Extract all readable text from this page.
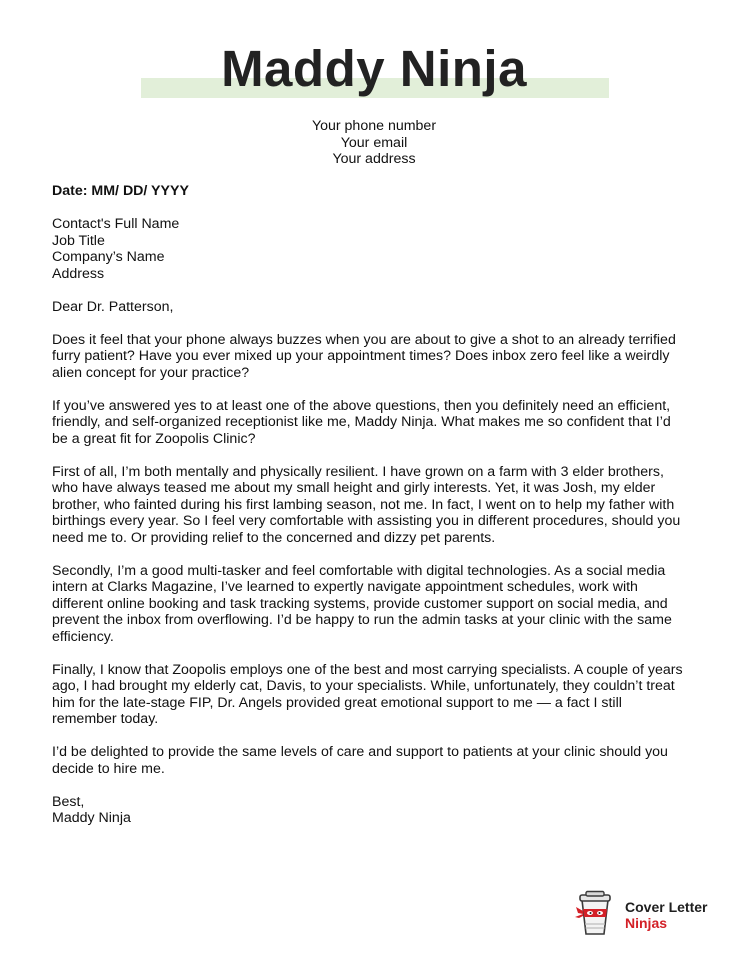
Maddy Ninja
Your phone number
Your email
Your address

Date: MM/ DD/ YYYY

Contact's Full Name
Job Title
Company’s Name
Address

Dear Dr. Patterson,

Does it feel that your phone always buzzes when you are about to give a shot to an already terrified
furry patient? Have you ever mixed up your appointment times? Does inbox zero feel like a weirdly
alien concept for your practice?

If you’ve answered yes to at least one of the above questions, then you definitely need an efficient,
friendly, and self-organized receptionist like me, Maddy Ninja. What makes me so confident that I’d
be a great fit for Zoopolis Clinic?

First of all, I’m both mentally and physically resilient. I have grown on a farm with 3 elder brothers,
who have always teased me about my small height and girly interests. Yet, it was Josh, my elder
brother, who fainted during his first lambing season, not me. In fact, I went on to help my father with
birthings every year. So I feel very comfortable with assisting you in different procedures, should you
need me to. Or providing relief to the concerned and dizzy pet parents.

Secondly, I’m a good multi-tasker and feel comfortable with digital technologies. As a social media
intern at Clarks Magazine, I’ve learned to expertly navigate appointment schedules, work with
different online booking and task tracking systems, provide customer support on social media, and
prevent the inbox from overflowing. I’d be happy to run the admin tasks at your clinic with the same
efficiency.

Finally, I know that Zoopolis employs one of the best and most carrying specialists. A couple of years
ago, I had brought my elderly cat, Davis, to your specialists. While, unfortunately, they couldn’t treat
him for the late-stage FIP, Dr. Angels provided great emotional support to me — a fact I still
remember today.

I’d be delighted to provide the same levels of care and support to patients at your clinic should you
decide to hire me.

Best,
Maddy Ninja

Cover Letter
Ninjas
